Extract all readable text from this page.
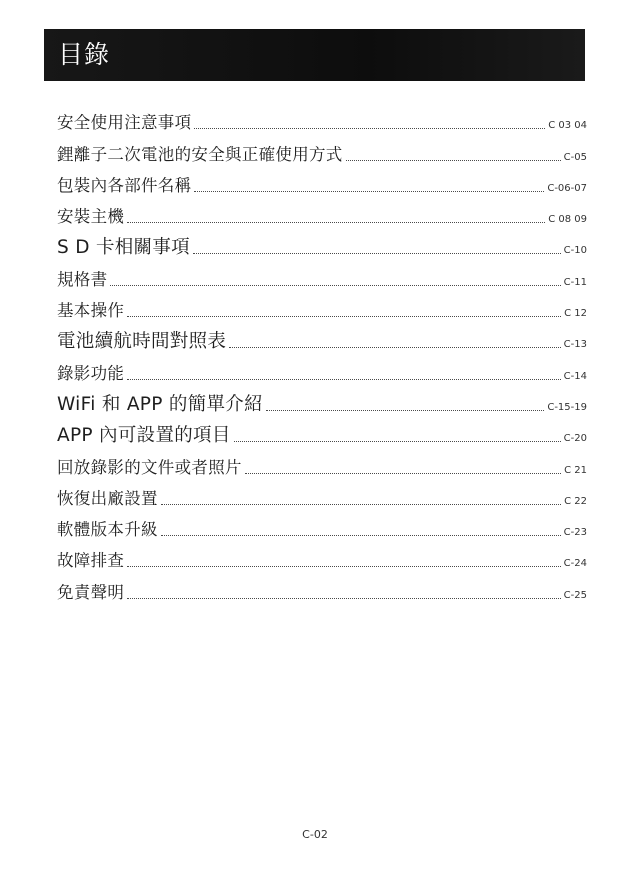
目錄
安全使用注意事項	C 03 04
鋰離子二次電池的安全與正確使用方式	C-05
包裝內各部件名稱	C-06-07
安裝主機	C 08 09
S D 卡相關事項	C-10
規格書	C-11
基本操作	C 12
電池續航時間對照表	C-13
錄影功能	C-14
WiFi 和 APP 的簡單介紹	C-15-19
APP 內可設置的項目	C-20
回放錄影的文件或者照片	C 21
恢復出廠設置	C 22
軟體版本升級	C-23
故障排查	C-24
免責聲明	C-25
C-02
